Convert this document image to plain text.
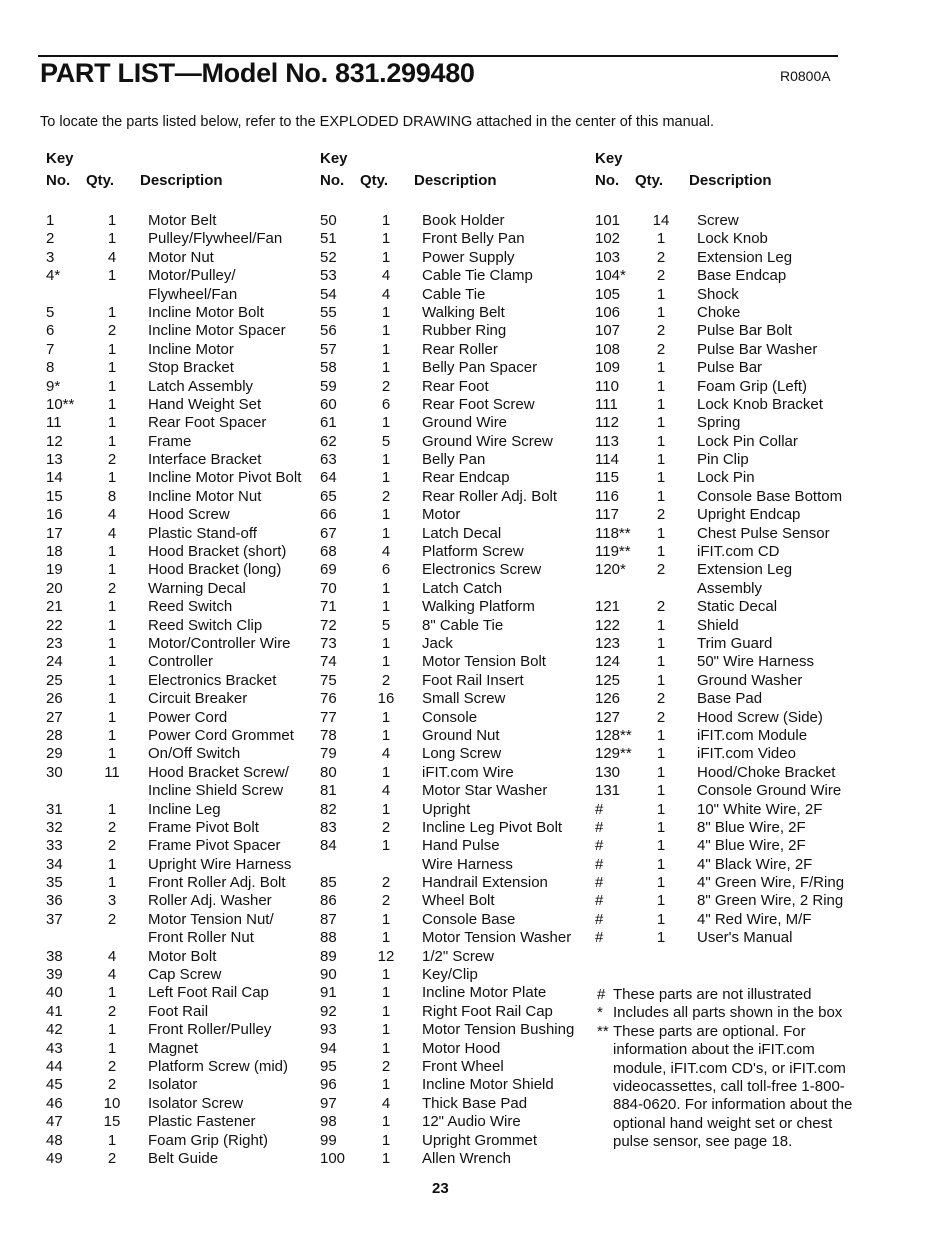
PART LIST—Model No. 831.299480	R0800A
To locate the parts listed below, refer to the EXPLODED DRAWING attached in the center of this manual.
Key
No. Qty. Description
1	1	Motor Belt
2	1	Pulley/Flywheel/Fan
3	4	Motor Nut
4*	1	Motor/Pulley/
Flywheel/Fan
5	1	Incline Motor Bolt
6	2	Incline Motor Spacer
7	1	Incline Motor
8	1	Stop Bracket
9*	1	Latch Assembly
10**	1	Hand Weight Set
11	1	Rear Foot Spacer
12	1	Frame
13	2	Interface Bracket
14	1	Incline Motor Pivot Bolt
15	8	Incline Motor Nut
16	4	Hood Screw
17	4	Plastic Stand-off
18	1	Hood Bracket (short)
19	1	Hood Bracket (long)
20	2	Warning Decal
21	1	Reed Switch
22	1	Reed Switch Clip
23	1	Motor/Controller Wire
24	1	Controller
25	1	Electronics Bracket
26	1	Circuit Breaker
27	1	Power Cord
28	1	Power Cord Grommet
29	1	On/Off Switch
30	11 Hood Bracket Screw/
Incline Shield Screw
31	1	Incline Leg
32	2	Frame Pivot Bolt
33	2	Frame Pivot Spacer
34	1	Upright Wire Harness
35	1	Front Roller Adj. Bolt
36	3	Roller Adj. Washer
37	2	Motor Tension Nut/
Front Roller Nut
38	4	Motor Bolt
39	4	Cap Screw
40	1	Left Foot Rail Cap
41	2	Foot Rail
42	1	Front Roller/Pulley
43	1	Magnet
44	2	Platform Screw (mid)
45	2	Isolator
46	10 Isolator Screw
47	15 Plastic Fastener
48	1	Foam Grip (Right)
49	2	Belt Guide
Key
No. Qty. Description
50	1	Book Holder
51	1	Front Belly Pan
52	1	Power Supply
53	4	Cable Tie Clamp
54	4	Cable Tie
55	1	Walking Belt
56	1	Rubber Ring
57	1	Rear Roller
58	1	Belly Pan Spacer
59	2	Rear Foot
60	6	Rear Foot Screw
61	1	Ground Wire
62	5	Ground Wire Screw
63	1	Belly Pan
64	1	Rear Endcap
65	2	Rear Roller Adj. Bolt
66	1	Motor
67	1	Latch Decal
68	4	Platform Screw
69	6	Electronics Screw
70	1	Latch Catch
71	1	Walking Platform
72	5	8" Cable Tie
73	1	Jack
74	1	Motor Tension Bolt
75	2	Foot Rail Insert
76	16 Small Screw
77	1	Console
78	1	Ground Nut
79	4	Long Screw
80	1	iFIT.com Wire
81	4	Motor Star Washer
82	1	Upright
83	2	Incline Leg Pivot Bolt
84	1	Hand Pulse
Wire Harness
85	2	Handrail Extension
86	2	Wheel Bolt
87	1	Console Base
88	1	Motor Tension Washer
89	12 1/2" Screw
90	1	Key/Clip
91	1	Incline Motor Plate
92	1	Right Foot Rail Cap
93	1	Motor Tension Bushing
94	1	Motor Hood
95	2	Front Wheel
96	1	Incline Motor Shield
97	4	Thick Base Pad
98	1	12" Audio Wire
99	1	Upright Grommet
100	1	Allen Wrench
Key
No. Qty. Description
101 14 Screw
102	1	Lock Knob
103	2	Extension Leg
104*	2	Base Endcap
105	1	Shock
106	1	Choke
107	2	Pulse Bar Bolt
108	2	Pulse Bar Washer
109	1	Pulse Bar
110	1	Foam Grip (Left)
111	1	Lock Knob Bracket
112	1	Spring
113	1	Lock Pin Collar
114	1	Pin Clip
115	1	Lock Pin
116	1	Console Base Bottom
117	2	Upright Endcap
118**	1	Chest Pulse Sensor
119**	1	iFIT.com CD
120*	2	Extension Leg
Assembly
121	2	Static Decal
122	1	Shield
123	1	Trim Guard
124	1	50" Wire Harness
125	1	Ground Washer
126	2	Base Pad
127	2	Hood Screw (Side)
128**	1	iFIT.com Module
129**	1	iFIT.com Video
130	1	Hood/Choke Bracket
131	1	Console Ground Wire
#	1	10" White Wire, 2F
#	1	8" Blue Wire, 2F
#	1	4" Blue Wire, 2F
#	1	4" Black Wire, 2F
#	1	4" Green Wire, F/Ring
#	1	8" Green Wire, 2 Ring
#	1	4" Red Wire, M/F
#	1	User's Manual
# These parts are not illustrated
* Includes all parts shown in the box
** These parts are optional. For information about the iFIT.com module, iFIT.com CD's, or iFIT.com videocassettes, call toll-free 1-800-884-0620. For information about the optional hand weight set or chest pulse sensor, see page 18.
23
